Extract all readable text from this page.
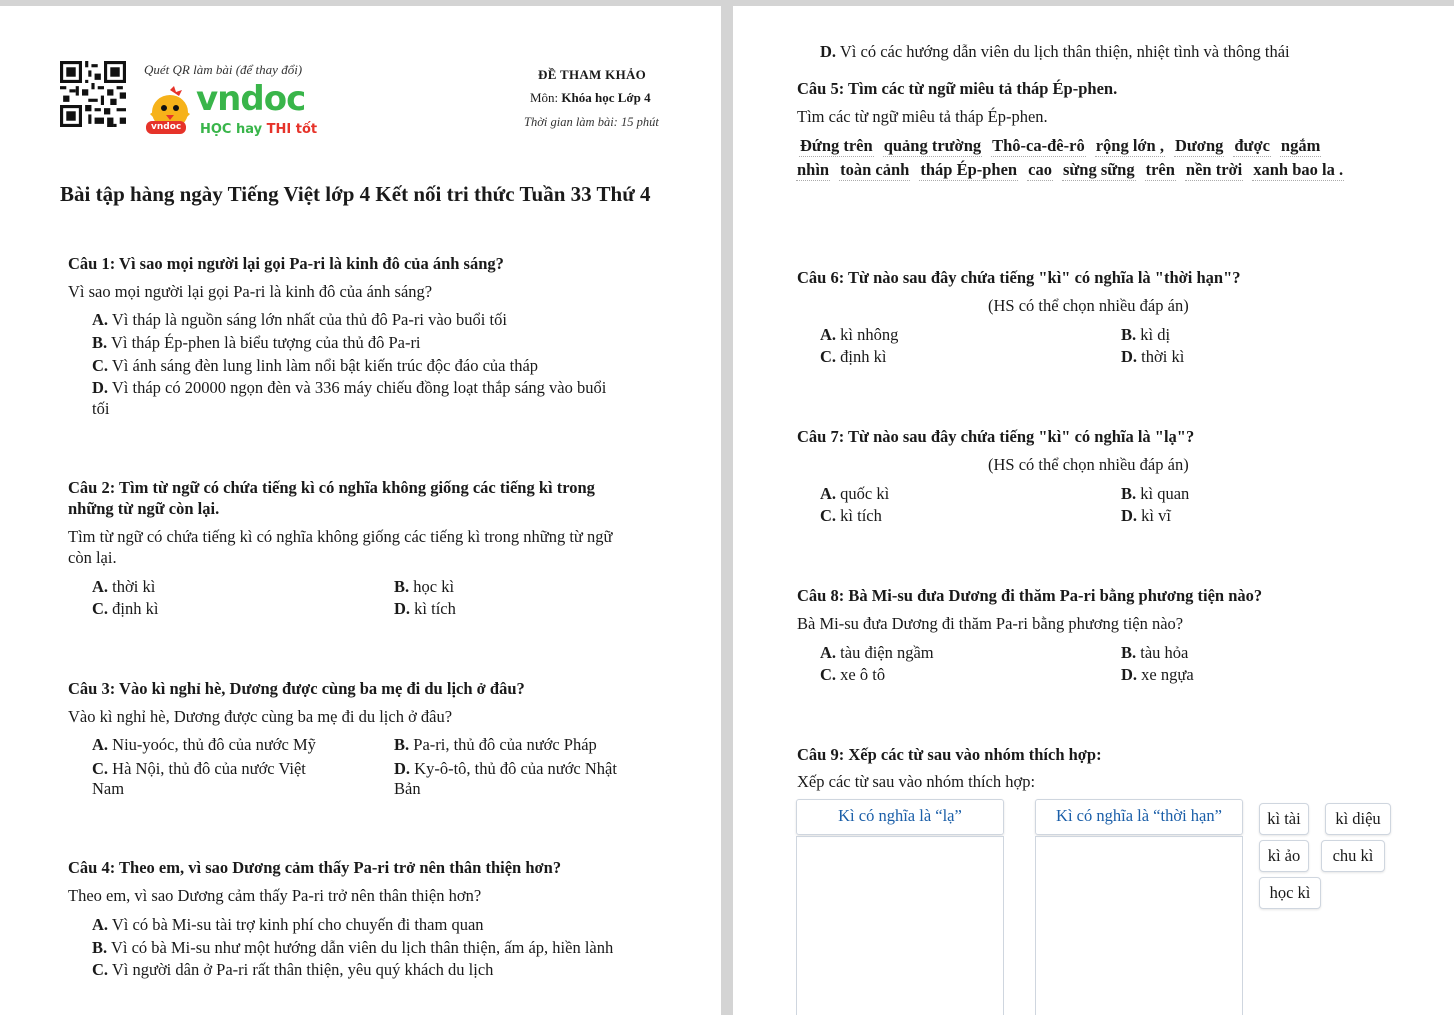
Quét QR làm bài (để thay đổi)
vndoc
vndoc	HỌC hay THI tốt
ĐỀ THAM KHẢO
Môn: Khóa học Lớp 4
Thời gian làm bài: 15 phút
Bài tập hàng ngày Tiếng Việt lớp 4 Kết nối tri thức Tuần 33 Thứ 4
Câu 1: Vì sao mọi người lại gọi Pa-ri là kinh đô của ánh sáng?
Vì sao mọi người lại gọi Pa-ri là kinh đô của ánh sáng?
A. Vì tháp là nguồn sáng lớn nhất của thủ đô Pa-ri vào buổi tối
B. Vì tháp Ép-phen là biểu tượng của thủ đô Pa-ri
C. Vì ánh sáng đèn lung linh làm nổi bật kiến trúc độc đáo của tháp
D. Vì tháp có 20000 ngọn đèn và 336 máy chiếu đồng loạt thắp sáng vào buổi
tối
Câu 2: Tìm từ ngữ có chứa tiếng kì có nghĩa không giống các tiếng kì trong
những từ ngữ còn lại.
Tìm từ ngữ có chứa tiếng kì có nghĩa không giống các tiếng kì trong những từ ngữ
còn lại.
A. thời kì	B. học kì
C. định kì	D. kì tích
Câu 3: Vào kì nghỉ hè, Dương được cùng ba mẹ đi du lịch ở đâu?
Vào kì nghỉ hè, Dương được cùng ba mẹ đi du lịch ở đâu?
A. Niu-yoóc, thủ đô của nước Mỹ	B. Pa-ri, thủ đô của nước Pháp
C. Hà Nội, thủ đô của nước Việt	D. Ky-ô-tô, thủ đô của nước Nhật
Nam	Bản
Câu 4: Theo em, vì sao Dương cảm thấy Pa-ri trở nên thân thiện hơn?
Theo em, vì sao Dương cảm thấy Pa-ri trở nên thân thiện hơn?
A. Vì có bà Mi-su tài trợ kinh phí cho chuyến đi tham quan
B. Vì có bà Mi-su như một hướng dẫn viên du lịch thân thiện, ấm áp, hiền lành
C. Vì người dân ở Pa-ri rất thân thiện, yêu quý khách du lịch
D. Vì có các hướng dẫn viên du lịch thân thiện, nhiệt tình và thông thái
Câu 5: Tìm các từ ngữ miêu tả tháp Ép-phen.
Tìm các từ ngữ miêu tả tháp Ép-phen.
Đứng trên quảng trường Thô-ca-đê-rô rộng lớn , Dương được ngắm
nhìn toàn cảnh tháp Ép-phen cao sừng sững trên nền trời xanh bao la .
Câu 6: Từ nào sau đây chứa tiếng "kì" có nghĩa là "thời hạn"?
(HS có thể chọn nhiều đáp án)
A. kì nhông	B. kì dị
C. định kì	D. thời kì
Câu 7: Từ nào sau đây chứa tiếng "kì" có nghĩa là "lạ"?
(HS có thể chọn nhiều đáp án)
A. quốc kì	B. kì quan
C. kì tích	D. kì vĩ
Câu 8: Bà Mi-su đưa Dương đi thăm Pa-ri bằng phương tiện nào?
Bà Mi-su đưa Dương đi thăm Pa-ri bằng phương tiện nào?
A. tàu điện ngầm	B. tàu hỏa
C. xe ô tô	D. xe ngựa
Câu 9: Xếp các từ sau vào nhóm thích hợp:
Xếp các từ sau vào nhóm thích hợp:
Kì có nghĩa là “lạ”	Kì có nghĩa là “thời hạn”	kì tài	kì diệu
kì ảo	chu kì
học kì
